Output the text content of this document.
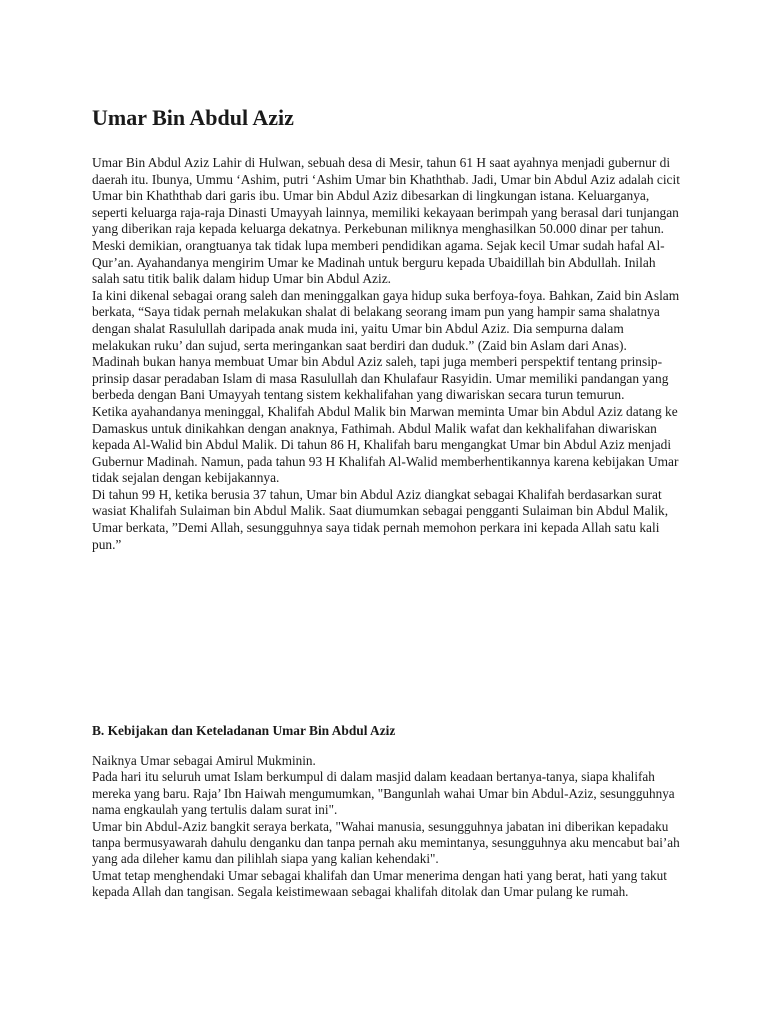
Umar Bin Abdul Aziz

Umar Bin Abdul Aziz Lahir di Hulwan, sebuah desa di Mesir, tahun 61 H saat ayahnya menjadi gubernur di daerah itu. Ibunya, Ummu ‘Ashim, putri ‘Ashim Umar bin Khaththab. Jadi, Umar bin Abdul Aziz adalah cicit Umar bin Khaththab dari garis ibu. Umar bin Abdul Aziz dibesarkan di lingkungan istana. Keluarganya, seperti keluarga raja-raja Dinasti Umayyah lainnya, memiliki kekayaan berimpah yang berasal dari tunjangan yang diberikan raja kepada keluarga dekatnya. Perkebunan miliknya menghasilkan 50.000 dinar per tahun.

Meski demikian, orangtuanya tak tidak lupa memberi pendidikan agama. Sejak kecil Umar sudah hafal Al-Qur’an. Ayahandanya mengirim Umar ke Madinah untuk berguru kepada Ubaidillah bin Abdullah. Inilah salah satu titik balik dalam hidup Umar bin Abdul Aziz.

Ia kini dikenal sebagai orang saleh dan meninggalkan gaya hidup suka berfoya-foya. Bahkan, Zaid bin Aslam berkata, “Saya tidak pernah melakukan shalat di belakang seorang imam pun yang hampir sama shalatnya dengan shalat Rasulullah daripada anak muda ini, yaitu Umar bin Abdul Aziz. Dia sempurna dalam melakukan ruku’ dan sujud, serta meringankan saat berdiri dan duduk.” (Zaid bin Aslam dari Anas).

Madinah bukan hanya membuat Umar bin Abdul Aziz saleh, tapi juga memberi perspektif tentang prinsip-prinsip dasar peradaban Islam di masa Rasulullah dan Khulafaur Rasyidin. Umar memiliki pandangan yang berbeda dengan Bani Umayyah tentang sistem kekhalifahan yang diwariskan secara turun temurun.

Ketika ayahandanya meninggal, Khalifah Abdul Malik bin Marwan meminta Umar bin Abdul Aziz datang ke Damaskus untuk dinikahkan dengan anaknya, Fathimah. Abdul Malik wafat dan kekhalifahan diwariskan kepada Al-Walid bin Abdul Malik. Di tahun 86 H, Khalifah baru mengangkat Umar bin Abdul Aziz menjadi Gubernur Madinah. Namun, pada tahun 93 H Khalifah Al-Walid memberhentikannya karena kebijakan Umar tidak sejalan dengan kebijakannya.

Di tahun 99 H, ketika berusia 37 tahun, Umar bin Abdul Aziz diangkat sebagai Khalifah berdasarkan surat wasiat Khalifah Sulaiman bin Abdul Malik. Saat diumumkan sebagai pengganti Sulaiman bin Abdul Malik, Umar berkata, ”Demi Allah, sesungguhnya saya tidak pernah memohon perkara ini kepada Allah satu kali pun.”

B. Kebijakan dan Keteladanan Umar Bin Abdul Aziz

Naiknya Umar sebagai Amirul Mukminin.

Pada hari itu seluruh umat Islam berkumpul di dalam masjid dalam keadaan bertanya-tanya, siapa khalifah mereka yang baru. Raja’ Ibn Haiwah mengumumkan, "Bangunlah wahai Umar bin Abdul-Aziz, sesungguhnya nama engkaulah yang tertulis dalam surat ini".

Umar bin Abdul-Aziz bangkit seraya berkata, "Wahai manusia, sesungguhnya jabatan ini diberikan kepadaku tanpa bermusyawarah dahulu denganku dan tanpa pernah aku memintanya, sesungguhnya aku mencabut bai’ah yang ada dileher kamu dan pilihlah siapa yang kalian kehendaki".

Umat tetap menghendaki Umar sebagai khalifah dan Umar menerima dengan hati yang berat, hati yang takut kepada Allah dan tangisan. Segala keistimewaan sebagai khalifah ditolak dan Umar pulang ke rumah.
